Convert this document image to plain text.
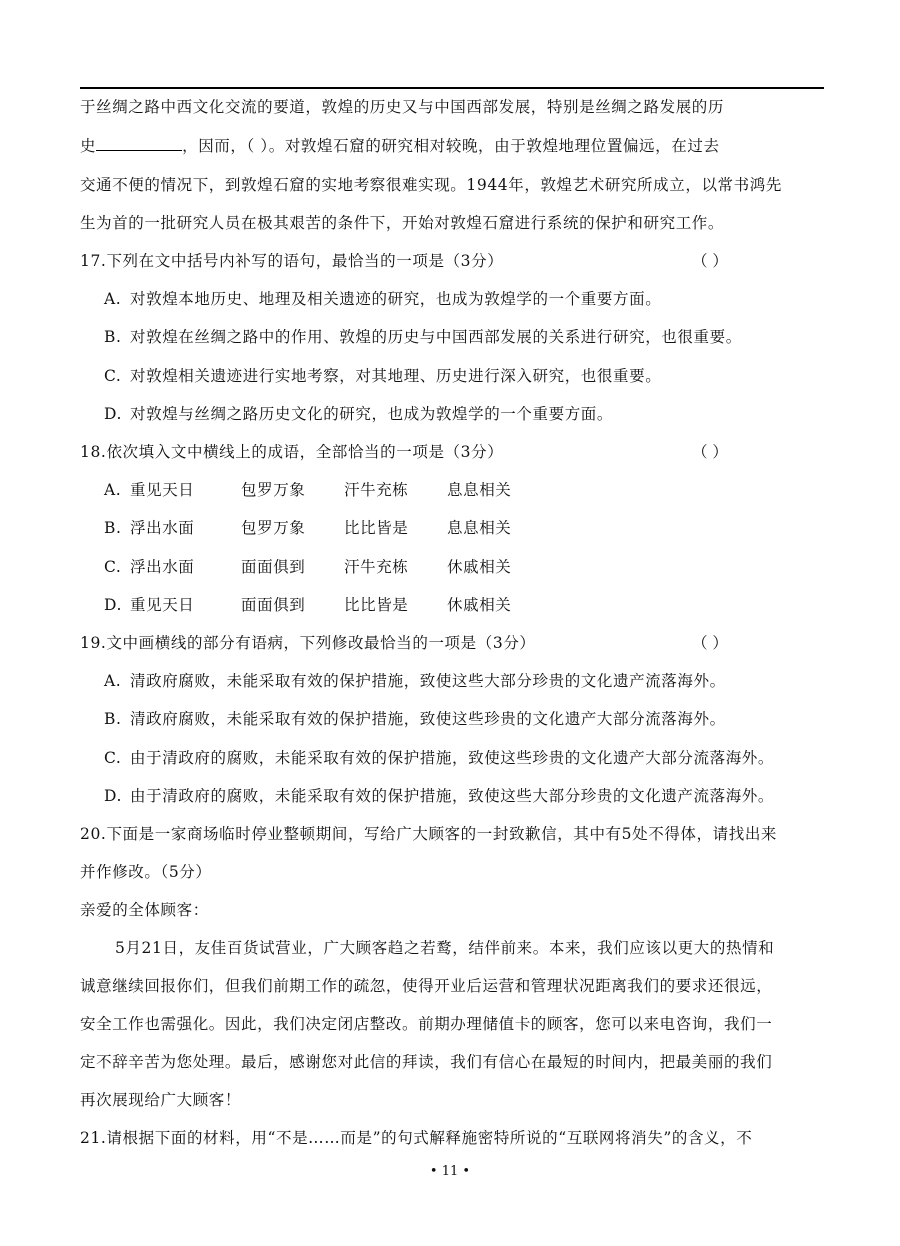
于丝绸之路中西文化交流的要道，敦煌的历史又与中国西部发展，特别是丝绸之路发展的历
史	，因而，（ ）。对敦煌石窟的研究相对较晚，由于敦煌地理位置偏远，在过去
交通不便的情况下，到敦煌石窟的实地考察很难实现。1944年，敦煌艺术研究所成立，以常书鸿先
生为首的一批研究人员在极其艰苦的条件下，开始对敦煌石窟进行系统的保护和研究工作。
17.下列在文中括号内补写的语句，最恰当的一项是（3分）	（ ）
A. 对敦煌本地历史、地理及相关遗迹的研究，也成为敦煌学的一个重要方面。
B. 对敦煌在丝绸之路中的作用、敦煌的历史与中国西部发展的关系进行研究，也很重要。
C. 对敦煌相关遗迹进行实地考察，对其地理、历史进行深入研究，也很重要。
D. 对敦煌与丝绸之路历史文化的研究，也成为敦煌学的一个重要方面。
18.依次填入文中横线上的成语，全部恰当的一项是（3分）	（ ）
A. 重见天日	包罗万象 汗牛充栋 息息相关
B. 浮出水面	包罗万象 比比皆是 息息相关
C. 浮出水面	面面俱到 汗牛充栋 休戚相关
D. 重见天日	面面俱到 比比皆是 休戚相关
19.文中画横线的部分有语病，下列修改最恰当的一项是（3分）	（ ）
A. 清政府腐败，未能采取有效的保护措施，致使这些大部分珍贵的文化遗产流落海外。
B. 清政府腐败，未能采取有效的保护措施，致使这些珍贵的文化遗产大部分流落海外。
C. 由于清政府的腐败，未能采取有效的保护措施，致使这些珍贵的文化遗产大部分流落海外。
D. 由于清政府的腐败，未能采取有效的保护措施，致使这些大部分珍贵的文化遗产流落海外。
20.下面是一家商场临时停业整顿期间，写给广大顾客的一封致歉信，其中有5处不得体，请找出来
并作修改。（5分）
亲爱的全体顾客：
5月21日，友佳百货试营业，广大顾客趋之若鹜，结伴前来。本来，我们应该以更大的热情和
诚意继续回报你们，但我们前期工作的疏忽，使得开业后运营和管理状况距离我们的要求还很远，
安全工作也需强化。因此，我们决定闭店整改。前期办理储值卡的顾客，您可以来电咨询，我们一
定不辞辛苦为您处理。最后，感谢您对此信的拜读，我们有信心在最短的时间内，把最美丽的我们
再次展现给广大顾客！
21.请根据下面的材料，用“不是……而是”的句式解释施密特所说的“互联网将消失”的含义，不
• 11 •
